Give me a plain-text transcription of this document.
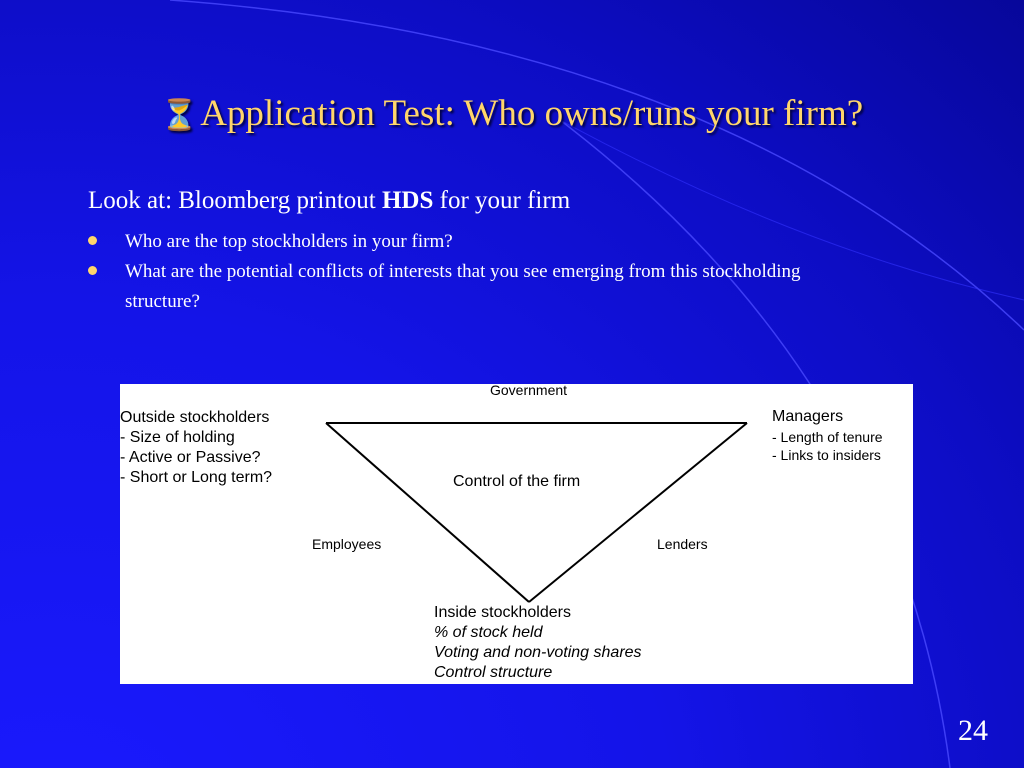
⏳Application Test: Who owns/runs your firm?
Look at: Bloomberg printout HDS for your firm
Who are the top stockholders in your firm?
What are the potential conflicts of interests that you see emerging from this stockholding structure?
Government
Control of the firm
Employees	Lenders
Outside stockholders
- Size of holding
- Active or Passive?
- Short or Long term?
Managers
- Length of tenure
- Links to insiders
Inside stockholders
% of stock held
Voting and non-voting shares
Control structure
24
